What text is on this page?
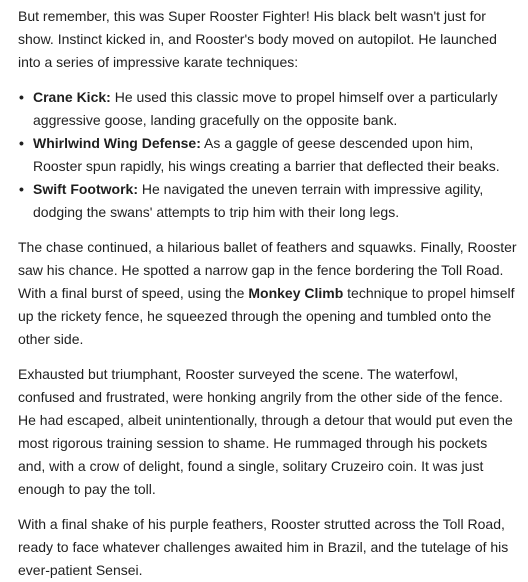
But remember, this was Super Rooster Fighter! His black belt wasn't just for show. Instinct kicked in, and Rooster's body moved on autopilot. He launched into a series of impressive karate techniques:

• Crane Kick: He used this classic move to propel himself over a particularly aggressive goose, landing gracefully on the opposite bank.
• Whirlwind Wing Defense: As a gaggle of geese descended upon him, Rooster spun rapidly, his wings creating a barrier that deflected their beaks.
• Swift Footwork: He navigated the uneven terrain with impressive agility, dodging the swans' attempts to trip him with their long legs.

The chase continued, a hilarious ballet of feathers and squawks. Finally, Rooster saw his chance. He spotted a narrow gap in the fence bordering the Toll Road. With a final burst of speed, using the Monkey Climb technique to propel himself up the rickety fence, he squeezed through the opening and tumbled onto the other side.

Exhausted but triumphant, Rooster surveyed the scene. The waterfowl, confused and frustrated, were honking angrily from the other side of the fence. He had escaped, albeit unintentionally, through a detour that would put even the most rigorous training session to shame. He rummaged through his pockets and, with a crow of delight, found a single, solitary Cruzeiro coin. It was just enough to pay the toll.

With a final shake of his purple feathers, Rooster strutted across the Toll Road, ready to face whatever challenges awaited him in Brazil, and the tutelage of his ever-patient Sensei.
